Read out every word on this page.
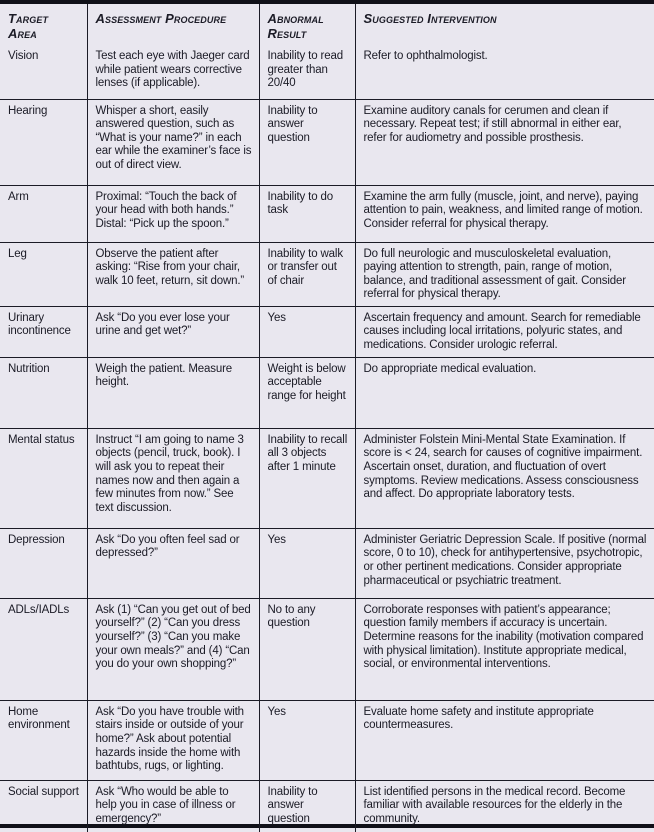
Target Area	Assessment Procedure	Abnormal Result	Suggested Intervention
Vision	Test each eye with Jaeger card while patient wears corrective lenses (if applicable).	Inability to read greater than 20/40	Refer to ophthalmologist.
Hearing	Whisper a short, easily answered question, such as “What is your name?” in each ear while the examiner’s face is out of direct view.	Inability to answer question	Examine auditory canals for cerumen and clean if necessary. Repeat test; if still abnormal in either ear, refer for audiometry and possible prosthesis.
Arm	Proximal: “Touch the back of your head with both hands.” Distal: “Pick up the spoon.”	Inability to do task	Examine the arm fully (muscle, joint, and nerve), paying attention to pain, weakness, and limited range of motion. Consider referral for physical therapy.
Leg	Observe the patient after asking: “Rise from your chair, walk 10 feet, return, sit down.”	Inability to walk or transfer out of chair	Do full neurologic and musculoskeletal evaluation, paying attention to strength, pain, range of motion, balance, and traditional assessment of gait. Consider referral for physical therapy.
Urinary incontinence	Ask “Do you ever lose your urine and get wet?”	Yes	Ascertain frequency and amount. Search for remediable causes including local irritations, polyuric states, and medications. Consider urologic referral.
Nutrition	Weigh the patient. Measure height.	Weight is below acceptable range for height	Do appropriate medical evaluation.
Mental status	Instruct “I am going to name 3 objects (pencil, truck, book). I will ask you to repeat their names now and then again a few minutes from now.” See text discussion.	Inability to recall all 3 objects after 1 minute	Administer Folstein Mini-Mental State Examination. If score is < 24, search for causes of cognitive impairment. Ascertain onset, duration, and fluctuation of overt symptoms. Review medications. Assess consciousness and affect. Do appropriate laboratory tests.
Depression	Ask “Do you often feel sad or depressed?”	Yes	Administer Geriatric Depression Scale. If positive (normal score, 0 to 10), check for antihypertensive, psychotropic, or other pertinent medications. Consider appropriate pharmaceutical or psychiatric treatment.
ADLs/IADLs	Ask (1) “Can you get out of bed yourself?” (2) “Can you dress yourself?” (3) “Can you make your own meals?” and (4) “Can you do your own shopping?”	No to any question	Corroborate responses with patient’s appearance; question family members if accuracy is uncertain. Determine reasons for the inability (motivation compared with physical limitation). Institute appropriate medical, social, or environmental interventions.
Home environment	Ask “Do you have trouble with stairs inside or outside of your home?” Ask about potential hazards inside the home with bathtubs, rugs, or lighting.	Yes	Evaluate home safety and institute appropriate countermeasures.
Social support	Ask “Who would be able to help you in case of illness or emergency?”	Inability to answer question	List identified persons in the medical record. Become familiar with available resources for the elderly in the community.
